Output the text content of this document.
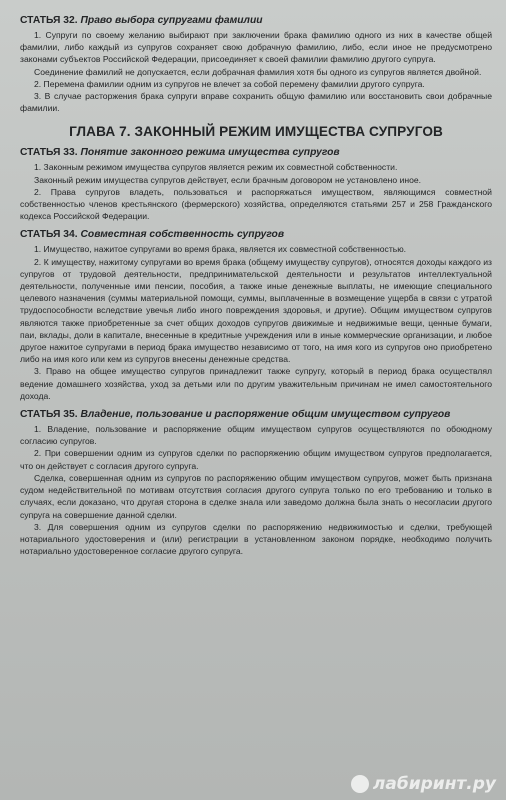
СТАТЬЯ 32. Право выбора супругами фамилии

1. Супруги по своему желанию выбирают при заключении брака фамилию одного из них в качестве общей фамилии, либо каждый из супругов сохраняет свою добрачную фамилию, либо, если иное не предусмотрено законами субъектов Российской Федерации, присоединяет к своей фамилии фамилию другого супруга.

Соединение фамилий не допускается, если добрачная фамилия хотя бы одного из супругов является двойной.

2. Перемена фамилии одним из супругов не влечет за собой перемену фамилии другого супруга.

3. В случае расторжения брака супруги вправе сохранить общую фамилию или восстановить свои добрачные фамилии.

ГЛАВА 7. ЗАКОННЫЙ РЕЖИМ ИМУЩЕСТВА СУПРУГОВ
СТАТЬЯ 33. Понятие законного режима имущества супругов

1. Законным режимом имущества супругов является режим их совместной собственности.

Законный режим имущества супругов действует, если брачным договором не установлено иное.

2. Права супругов владеть, пользоваться и распоряжаться имуществом, являющимся совместной собственностью членов крестьянского (фермерского) хозяйства, определяются статьями 257 и 258 Гражданского кодекса Российской Федерации.

СТАТЬЯ 34. Совместная собственность супругов

1. Имущество, нажитое супругами во время брака, является их совместной собственностью.

2. К имуществу, нажитому супругами во время брака (общему имуществу супругов), относятся доходы каждого из супругов от трудовой деятельности, предпринимательской деятельности и результатов интеллектуальной деятельности, полученные ими пенсии, пособия, а также иные денежные выплаты, не имеющие специального целевого назначения (суммы материальной помощи, суммы, выплаченные в возмещение ущерба в связи с утратой трудоспособности вследствие увечья либо иного повреждения здоровья, и другие). Общим имуществом супругов являются также приобретенные за счет общих доходов супругов движимые и недвижимые вещи, ценные бумаги, паи, вклады, доли в капитале, внесенные в кредитные учреждения или в иные коммерческие организации, и любое другое нажитое супругами в период брака имущество независимо от того, на имя кого из супругов оно приобретено либо на имя кого или кем из супругов внесены денежные средства.

3. Право на общее имущество супругов принадлежит также супругу, который в период брака осуществлял ведение домашнего хозяйства, уход за детьми или по другим уважительным причинам не имел самостоятельного дохода.

СТАТЬЯ 35. Владение, пользование и распоряжение общим имуществом супругов

1. Владение, пользование и распоряжение общим имуществом супругов осуществляются по обоюдному согласию супругов.

2. При совершении одним из супругов сделки по распоряжению общим имуществом супругов предполагается, что он действует с согласия другого супруга.

Сделка, совершенная одним из супругов по распоряжению общим имуществом супругов, может быть признана судом недействительной по мотивам отсутствия согласия другого супруга только по его требованию и только в случаях, если доказано, что другая сторона в сделке знала или заведомо должна была знать о несогласии другого супруга на совершение данной сделки.

3. Для совершения одним из супругов сделки по распоряжению недвижимостью и сделки, требующей нотариального удостоверения и (или) регистрации в установленном законом порядке, необходимо получить нотариально удостоверенное согласие другого супруга.

лабиринт.ру
